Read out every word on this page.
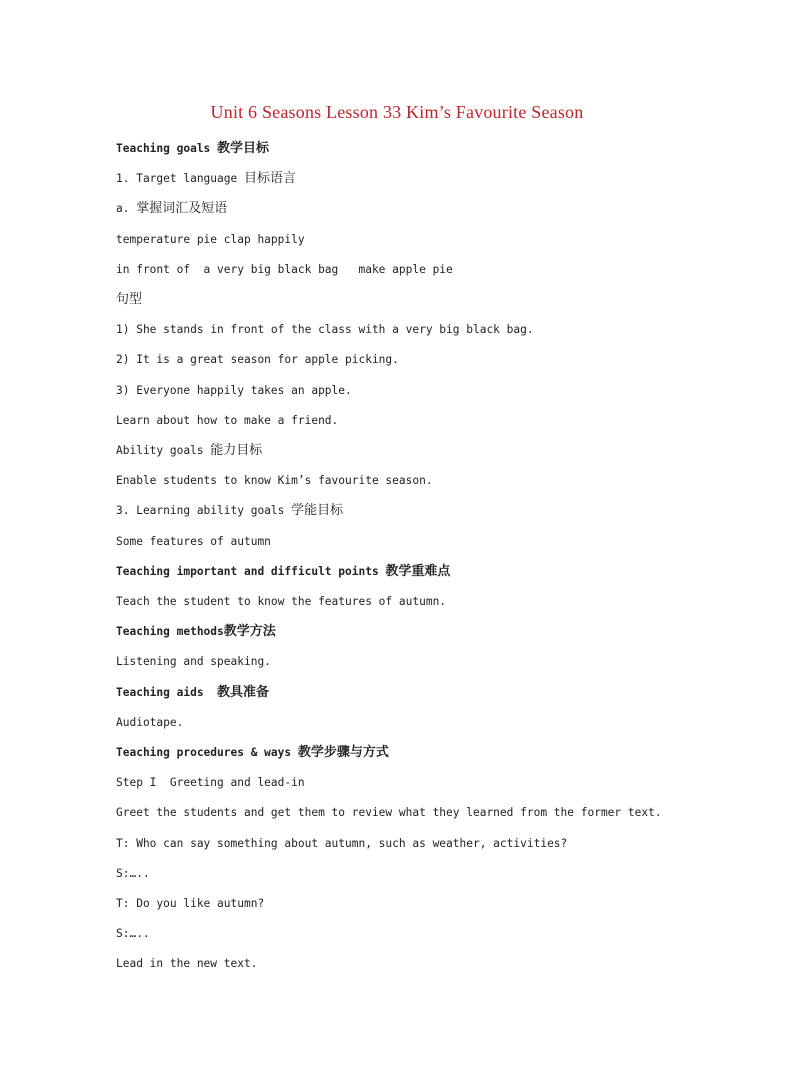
Unit 6 Seasons Lesson 33 Kim’s Favourite Season
Teaching goals 教学目标
1. Target language 目标语言
a. 掌握词汇及短语
temperature pie clap happily
in front of  a very big black bag   make apple pie
句型
1) She stands in front of the class with a very big black bag.
2) It is a great season for apple picking.
3) Everyone happily takes an apple.
Learn about how to make a friend.
Ability goals 能力目标
Enable students to know Kim’s favourite season.
3. Learning ability goals 学能目标
Some features of autumn
Teaching important and difficult points 教学重难点
Teach the student to know the features of autumn.
Teaching methods教学方法
Listening and speaking.
Teaching aids  教具准备
Audiotape.
Teaching procedures & ways 教学步骤与方式
Step I  Greeting and lead-in
Greet the students and get them to review what they learned from the former text.
T: Who can say something about autumn, such as weather, activities?
S:…..
T: Do you like autumn?
S:…..
Lead in the new text.
